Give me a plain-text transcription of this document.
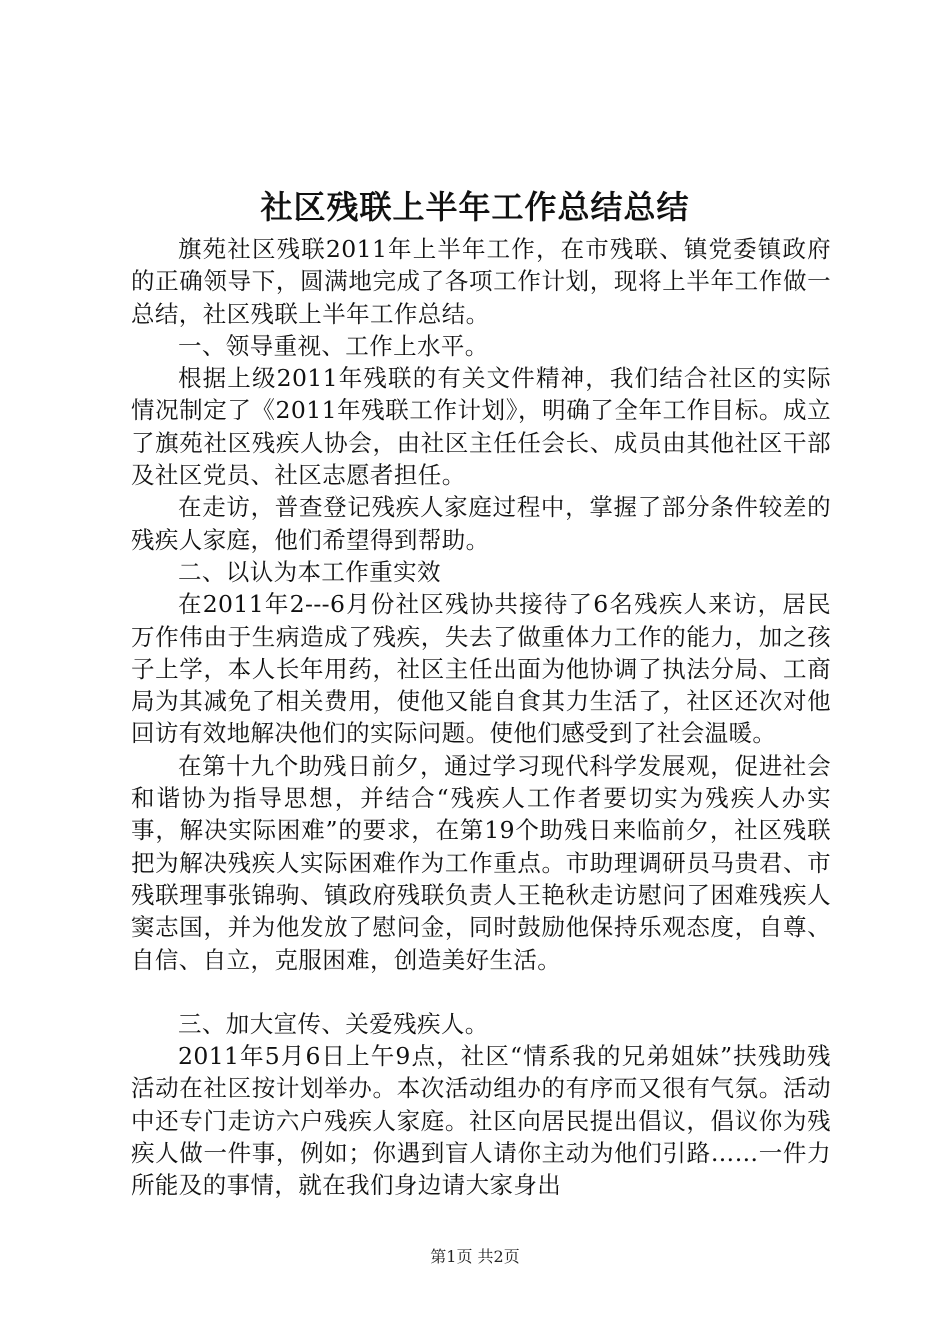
社区残联上半年工作总结总结

旗苑社区残联2011年上半年工作，在市残联、镇党委镇政府的正确领导下，圆满地完成了各项工作计划，现将上半年工作做一总结，社区残联上半年工作总结。

一、领导重视、工作上水平。

根据上级2011年残联的有关文件精神，我们结合社区的实际情况制定了《2011年残联工作计划》，明确了全年工作目标。成立了旗苑社区残疾人协会，由社区主任任会长、成员由其他社区干部及社区党员、社区志愿者担任。

在走访，普查登记残疾人家庭过程中，掌握了部分条件较差的残疾人家庭，他们希望得到帮助。

二、以认为本工作重实效

在2011年2---6月份社区残协共接待了6名残疾人来访，居民万作伟由于生病造成了残疾，失去了做重体力工作的能力，加之孩子上学，本人长年用药，社区主任出面为他协调了执法分局、工商局为其减免了相关费用，使他又能自食其力生活了，社区还次对他回访有效地解决他们的实际问题。使他们感受到了社会温暖。

在第十九个助残日前夕，通过学习现代科学发展观，促进社会和谐协为指导思想，并结合“残疾人工作者要切实为残疾人办实事，解决实际困难”的要求，在第19个助残日来临前夕，社区残联把为解决残疾人实际困难作为工作重点。市助理调研员马贵君、市残联理事张锦驹、镇政府残联负责人王艳秋走访慰问了困难残疾人窦志国，并为他发放了慰问金，同时鼓励他保持乐观态度，自尊、自信、自立，克服困难，创造美好生活。

三、加大宣传、关爱残疾人。

2011年5月6日上午9点，社区“情系我的兄弟姐妹”扶残助残活动在社区按计划举办。本次活动组办的有序而又很有气氛。活动中还专门走访六户残疾人家庭。社区向居民提出倡议，倡议你为残疾人做一件事，例如；你遇到盲人请你主动为他们引路……一件力所能及的事情，就在我们身边请大家身出

第1页 共2页
